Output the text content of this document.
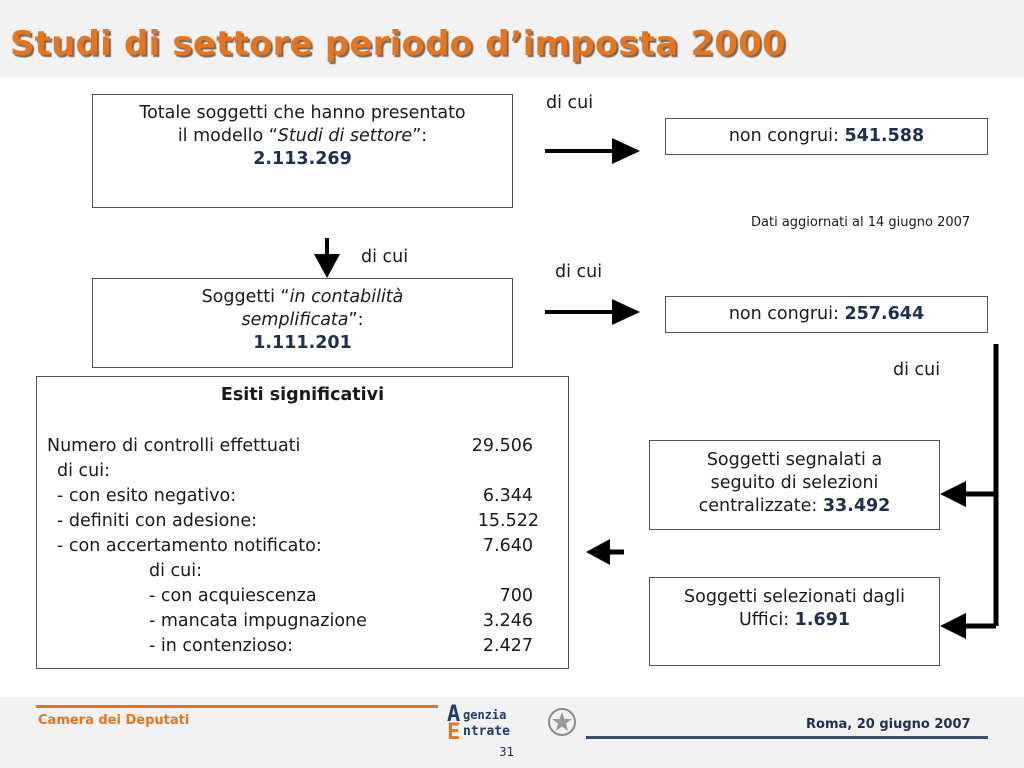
Studi di settore periodo d’imposta 2000
Totale soggetti che hanno presentato
il modello “Studi di settore”:
2.113.269
di cui
di cui
di cui
di cui
non congrui: 541.588
Dati aggiornati al 14 giugno 2007
Soggetti “in contabilità
semplificata”:
1.111.201
non congrui: 257.644
Esiti significativi
Numero di controlli effettuati	29.506
di cui:
- con esito negativo:	6.344
- definiti con adesione:	15.522
- con accertamento notificato:	7.640
di cui:
- con acquiescenza	700
- mancata impugnazione	3.246
- in contenzioso:	2.427
Soggetti segnalati a
seguito di selezioni
centralizzate: 33.492
Soggetti selezionati dagli
Uffici: 1.691
Camera dei Deputati	Roma, 20 giugno 2007
31
A genzia
E ntrate
